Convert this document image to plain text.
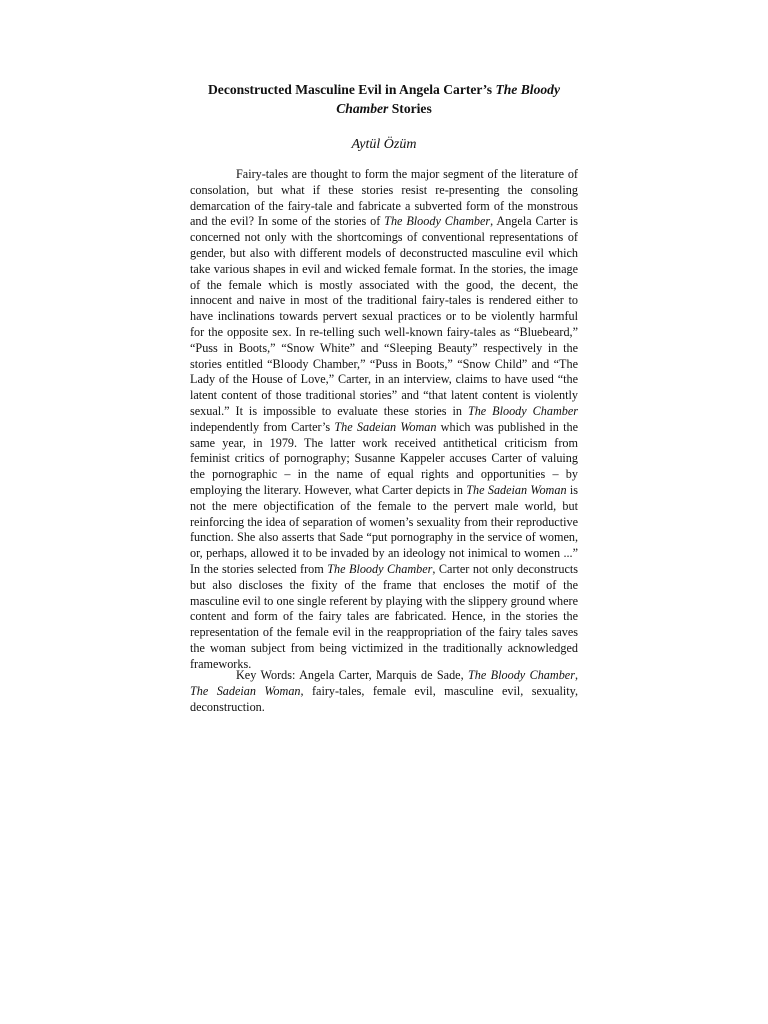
Deconstructed Masculine Evil in Angela Carter’s The Bloody Chamber Stories
Aytül Özüm

Fairy-tales are thought to form the major segment of the literature of consolation, but what if these stories resist re-presenting the consoling demarcation of the fairy-tale and fabricate a subverted form of the monstrous and the evil? In some of the stories of The Bloody Chamber, Angela Carter is concerned not only with the shortcomings of conventional representations of gender, but also with different models of deconstructed masculine evil which take various shapes in evil and wicked female format. In the stories, the image of the female which is mostly associated with the good, the decent, the innocent and naive in most of the traditional fairy-tales is rendered either to have inclinations towards pervert sexual practices or to be violently harmful for the opposite sex. In re-telling such well-known fairy-tales as “Bluebeard,” “Puss in Boots,” “Snow White” and “Sleeping Beauty” respectively in the stories entitled “Bloody Chamber,” “Puss in Boots,” “Snow Child” and “The Lady of the House of Love,” Carter, in an interview, claims to have used “the latent content of those traditional stories” and “that latent content is violently sexual.” It is impossible to evaluate these stories in The Bloody Chamber independently from Carter’s The Sadeian Woman which was published in the same year, in 1979. The latter work received antithetical criticism from feminist critics of pornography; Susanne Kappeler accuses Carter of valuing the pornographic – in the name of equal rights and opportunities – by employing the literary. However, what Carter depicts in The Sadeian Woman is not the mere objectification of the female to the pervert male world, but reinforcing the idea of separation of women’s sexuality from their reproductive function. She also asserts that Sade “put pornography in the service of women, or, perhaps, allowed it to be invaded by an ideology not inimical to women ...” In the stories selected from The Bloody Chamber, Carter not only deconstructs but also discloses the fixity of the frame that encloses the motif of the masculine evil to one single referent by playing with the slippery ground where content and form of the fairy tales are fabricated. Hence, in the stories the representation of the female evil in the reappropriation of the fairy tales saves the woman subject from being victimized in the traditionally acknowledged frameworks.

Key Words: Angela Carter, Marquis de Sade, The Bloody Chamber, The Sadeian Woman, fairy-tales, female evil, masculine evil, sexuality, deconstruction.
